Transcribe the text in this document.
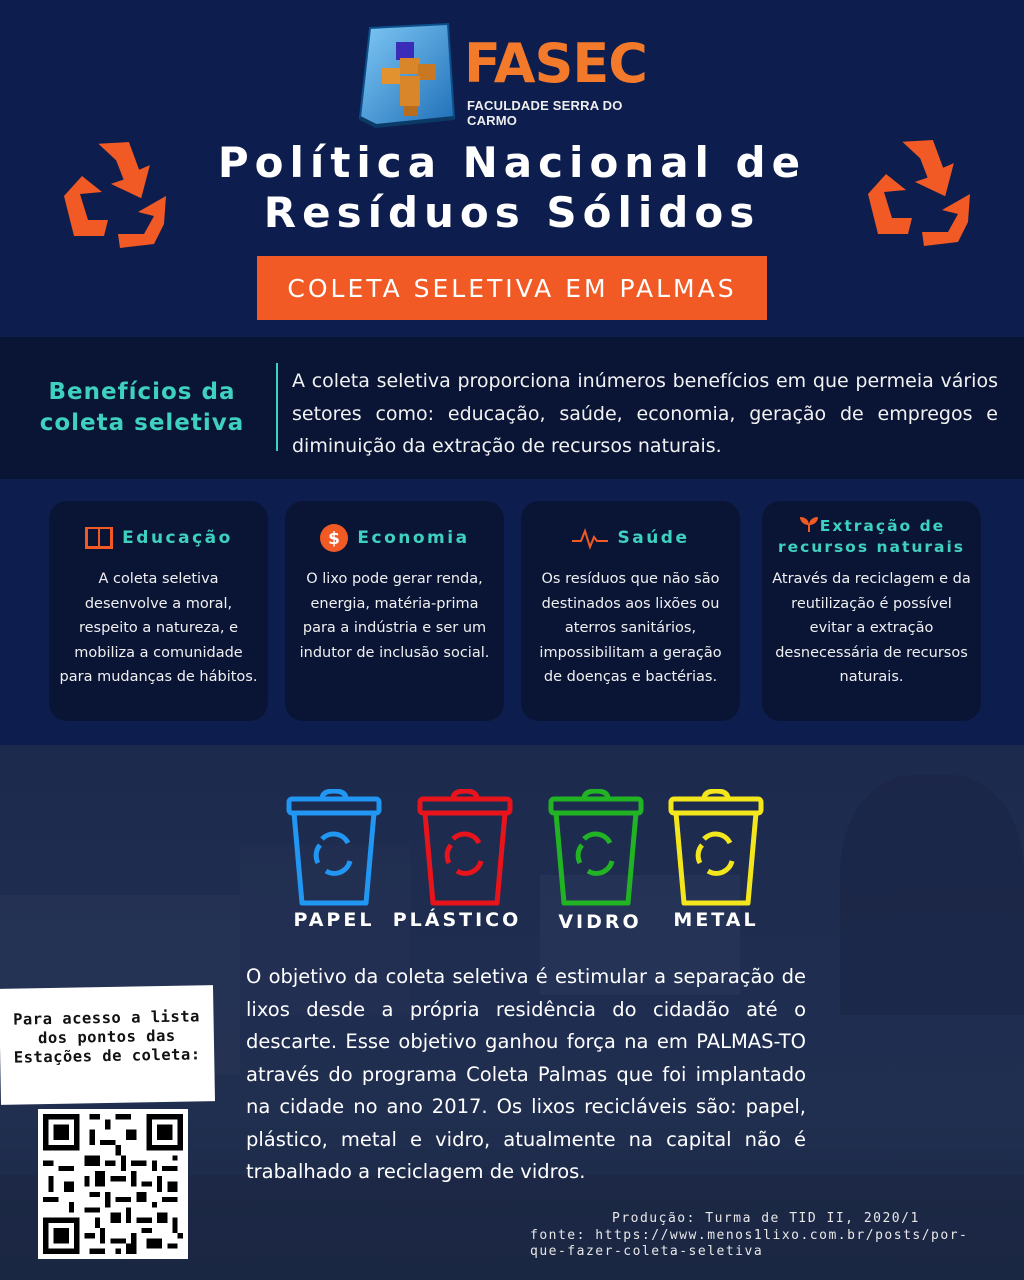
FASEC
FACULDADE SERRA DO CARMO
Política Nacional de
Resíduos Sólidos
COLETA SELETIVA EM PALMAS
Benefícios da
coleta seletiva
A coleta seletiva proporciona inúmeros benefícios em que permeia vários setores como: educação, saúde, economia, geração de empregos e diminuição da extração de recursos naturais.
Educação
A coleta seletiva desenvolve a moral, respeito a natureza, e mobiliza a comunidade para mudanças de hábitos.
$ Economia
O lixo pode gerar renda, energia, matéria-prima para a indústria e ser um indutor de inclusão social.
Saúde
Os resíduos que não são destinados aos lixões ou aterros sanitários, impossibilitam a geração de doenças e bactérias.
Extração de
recursos naturais
Através da reciclagem e da reutilização é possível evitar a extração desnecessária de recursos naturais.
PAPEL PLÁSTICO	VIDRO	METAL
O objetivo da coleta seletiva é estimular a separação de lixos desde a própria residência do cidadão até o descarte. Esse objetivo ganhou força na em PALMAS-TO através do programa Coleta Palmas que foi implantado na cidade no ano 2017. Os lixos recicláveis são: papel, plástico, metal e vidro, atualmente na capital não é trabalhado a reciclagem de vidros.
Para acesso a lista dos pontos das Estações de coleta:
Produção: Turma de TID II, 2020/1
fonte: https://www.menos1lixo.com.br/posts/por-que-fazer-coleta-seletiva
